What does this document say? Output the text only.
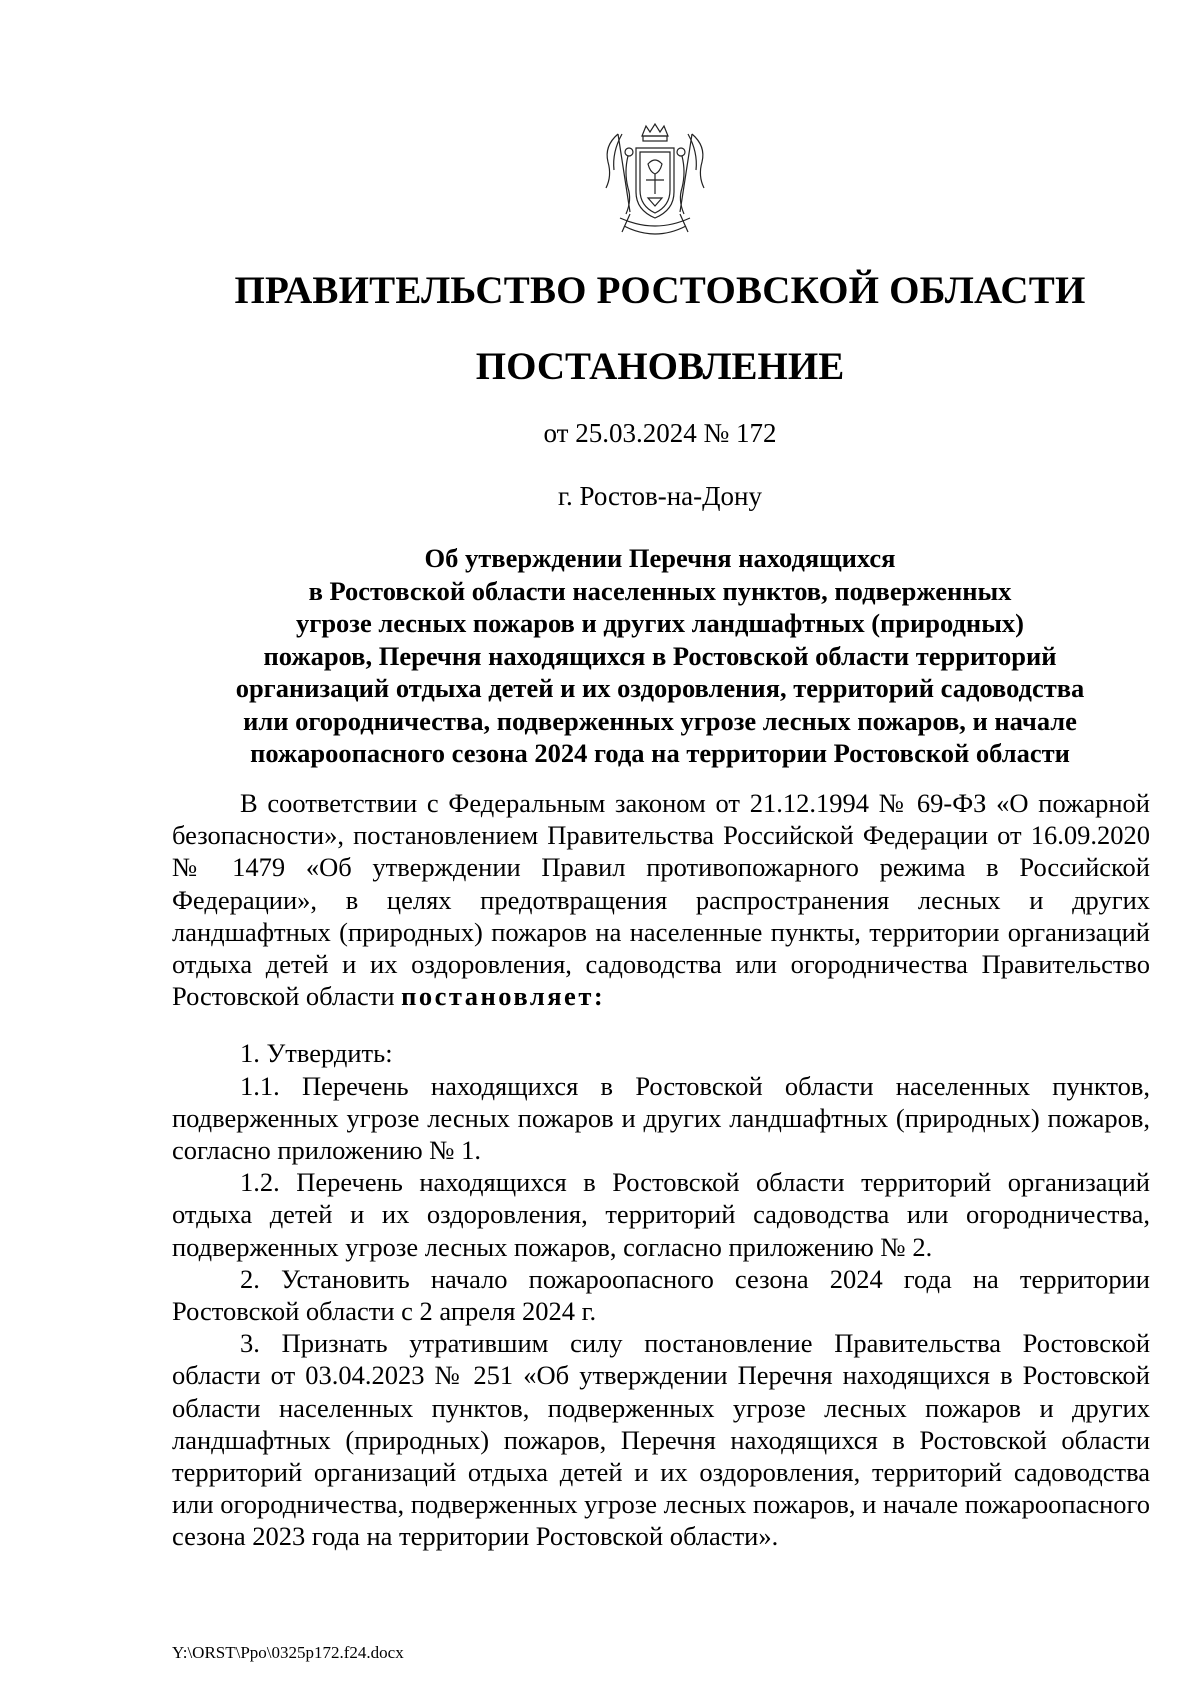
ПРАВИТЕЛЬСТВО РОСТОВСКОЙ ОБЛАСТИ
ПОСТАНОВЛЕНИЕ
от 25.03.2024 № 172
г. Ростов-на-Дону
Об утверждении Перечня находящихся
в Ростовской области населенных пунктов, подверженных
угрозе лесных пожаров и других ландшафтных (природных)
пожаров, Перечня находящихся в Ростовской области территорий
организаций отдыха детей и их оздоровления, территорий садоводства
или огородничества, подверженных угрозе лесных пожаров, и начале
пожароопасного сезона 2024 года на территории Ростовской области

В соответствии с Федеральным законом от 21.12.1994 № 69-ФЗ «О пожарной безопасности», постановлением Правительства Российской Федерации от 16.09.2020 № 1479 «Об утверждении Правил противопожарного режима в Российской Федерации», в целях предотвращения распространения лесных и других ландшафтных (природных) пожаров на населенные пункты, территории организаций отдыха детей и их оздоровления, садоводства или огородничества Правительство Ростовской области постановляет:

1. Утвердить:

1.1. Перечень находящихся в Ростовской области населенных пунктов, подверженных угрозе лесных пожаров и других ландшафтных (природных) пожаров, согласно приложению № 1.

1.2. Перечень находящихся в Ростовской области территорий организаций отдыха детей и их оздоровления, территорий садоводства или огородничества, подверженных угрозе лесных пожаров, согласно приложению № 2.

2. Установить начало пожароопасного сезона 2024 года на территории Ростовской области с 2 апреля 2024 г.

3. Признать утратившим силу постановление Правительства Ростовской области от 03.04.2023 № 251 «Об утверждении Перечня находящихся в Ростовской области населенных пунктов, подверженных угрозе лесных пожаров и других ландшафтных (природных) пожаров, Перечня находящихся в Ростовской области территорий организаций отдыха детей и их оздоровления, территорий садоводства или огородничества, подверженных угрозе лесных пожаров, и начале пожароопасного сезона 2023 года на территории Ростовской области».

Y:\ORST\Ppo\0325p172.f24.docx
